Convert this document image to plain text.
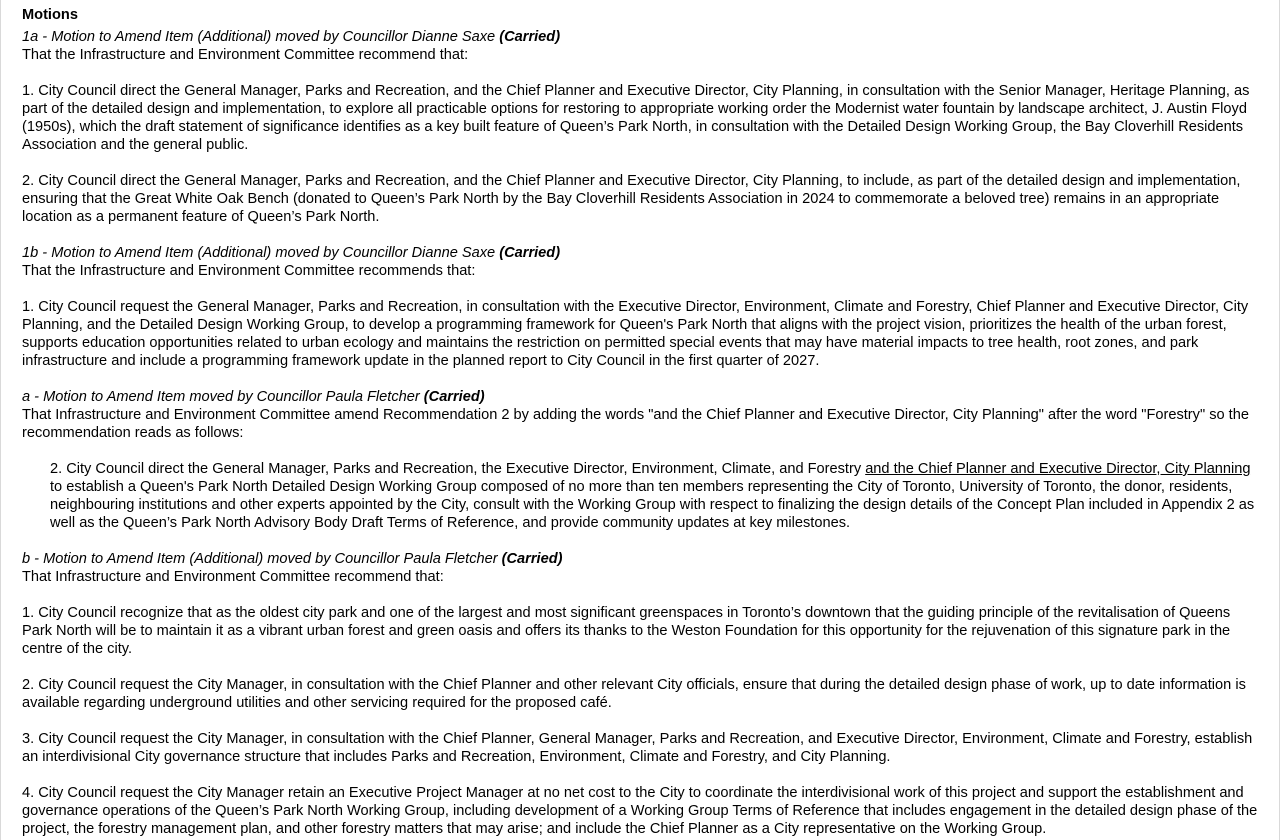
Motions

1a - Motion to Amend Item (Additional) moved by Councillor Dianne Saxe (Carried)

That the Infrastructure and Environment Committee recommend that:

1. City Council direct the General Manager, Parks and Recreation, and the Chief Planner and Executive Director, City Planning, in consultation with the Senior Manager, Heritage Planning, as part of the detailed design and implementation, to explore all practicable options for restoring to appropriate working order the Modernist water fountain by landscape architect, J. Austin Floyd (1950s), which the draft statement of significance identifies as a key built feature of Queen’s Park North, in consultation with the Detailed Design Working Group, the Bay Cloverhill Residents Association and the general public.

2. City Council direct the General Manager, Parks and Recreation, and the Chief Planner and Executive Director, City Planning, to include, as part of the detailed design and implementation, ensuring that the Great White Oak Bench (donated to Queen’s Park North by the Bay Cloverhill Residents Association in 2024 to commemorate a beloved tree) remains in an appropriate location as a permanent feature of Queen’s Park North.

1b - Motion to Amend Item (Additional) moved by Councillor Dianne Saxe (Carried)

That the Infrastructure and Environment Committee recommends that:

1. City Council request the General Manager, Parks and Recreation, in consultation with the Executive Director, Environment, Climate and Forestry, Chief Planner and Executive Director, City Planning, and the Detailed Design Working Group, to develop a programming framework for Queen's Park North that aligns with the project vision, prioritizes the health of the urban forest, supports education opportunities related to urban ecology and maintains the restriction on permitted special events that may have material impacts to tree health, root zones, and park infrastructure and include a programming framework update in the planned report to City Council in the first quarter of 2027.

a - Motion to Amend Item moved by Councillor Paula Fletcher (Carried)

That Infrastructure and Environment Committee amend Recommendation 2 by adding the words "and the Chief Planner and Executive Director, City Planning" after the word "Forestry" so the recommendation reads as follows:

2. City Council direct the General Manager, Parks and Recreation, the Executive Director, Environment, Climate, and Forestry and the Chief Planner and Executive Director, City Planning to establish a Queen's Park North Detailed Design Working Group composed of no more than ten members representing the City of Toronto, University of Toronto, the donor, residents, neighbouring institutions and other experts appointed by the City, consult with the Working Group with respect to finalizing the design details of the Concept Plan included in Appendix 2 as well as the Queen’s Park North Advisory Body Draft Terms of Reference, and provide community updates at key milestones.

b - Motion to Amend Item (Additional) moved by Councillor Paula Fletcher (Carried)

That Infrastructure and Environment Committee recommend that:

1. City Council recognize that as the oldest city park and one of the largest and most significant greenspaces in Toronto’s downtown that the guiding principle of the revitalisation of Queens Park North will be to maintain it as a vibrant urban forest and green oasis and offers its thanks to the Weston Foundation for this opportunity for the rejuvenation of this signature park in the centre of the city.

2. City Council request the City Manager, in consultation with the Chief Planner and other relevant City officials, ensure that during the detailed design phase of work, up to date information is available regarding underground utilities and other servicing required for the proposed café.

3. City Council request the City Manager, in consultation with the Chief Planner, General Manager, Parks and Recreation, and Executive Director, Environment, Climate and Forestry, establish an interdivisional City governance structure that includes Parks and Recreation, Environment, Climate and Forestry, and City Planning.

4. City Council request the City Manager retain an Executive Project Manager at no net cost to the City to coordinate the interdivisional work of this project and support the establishment and governance operations of the Queen’s Park North Working Group, including development of a Working Group Terms of Reference that includes engagement in the detailed design phase of the project, the forestry management plan, and other forestry matters that may arise; and include the Chief Planner as a City representative on the Working Group.
